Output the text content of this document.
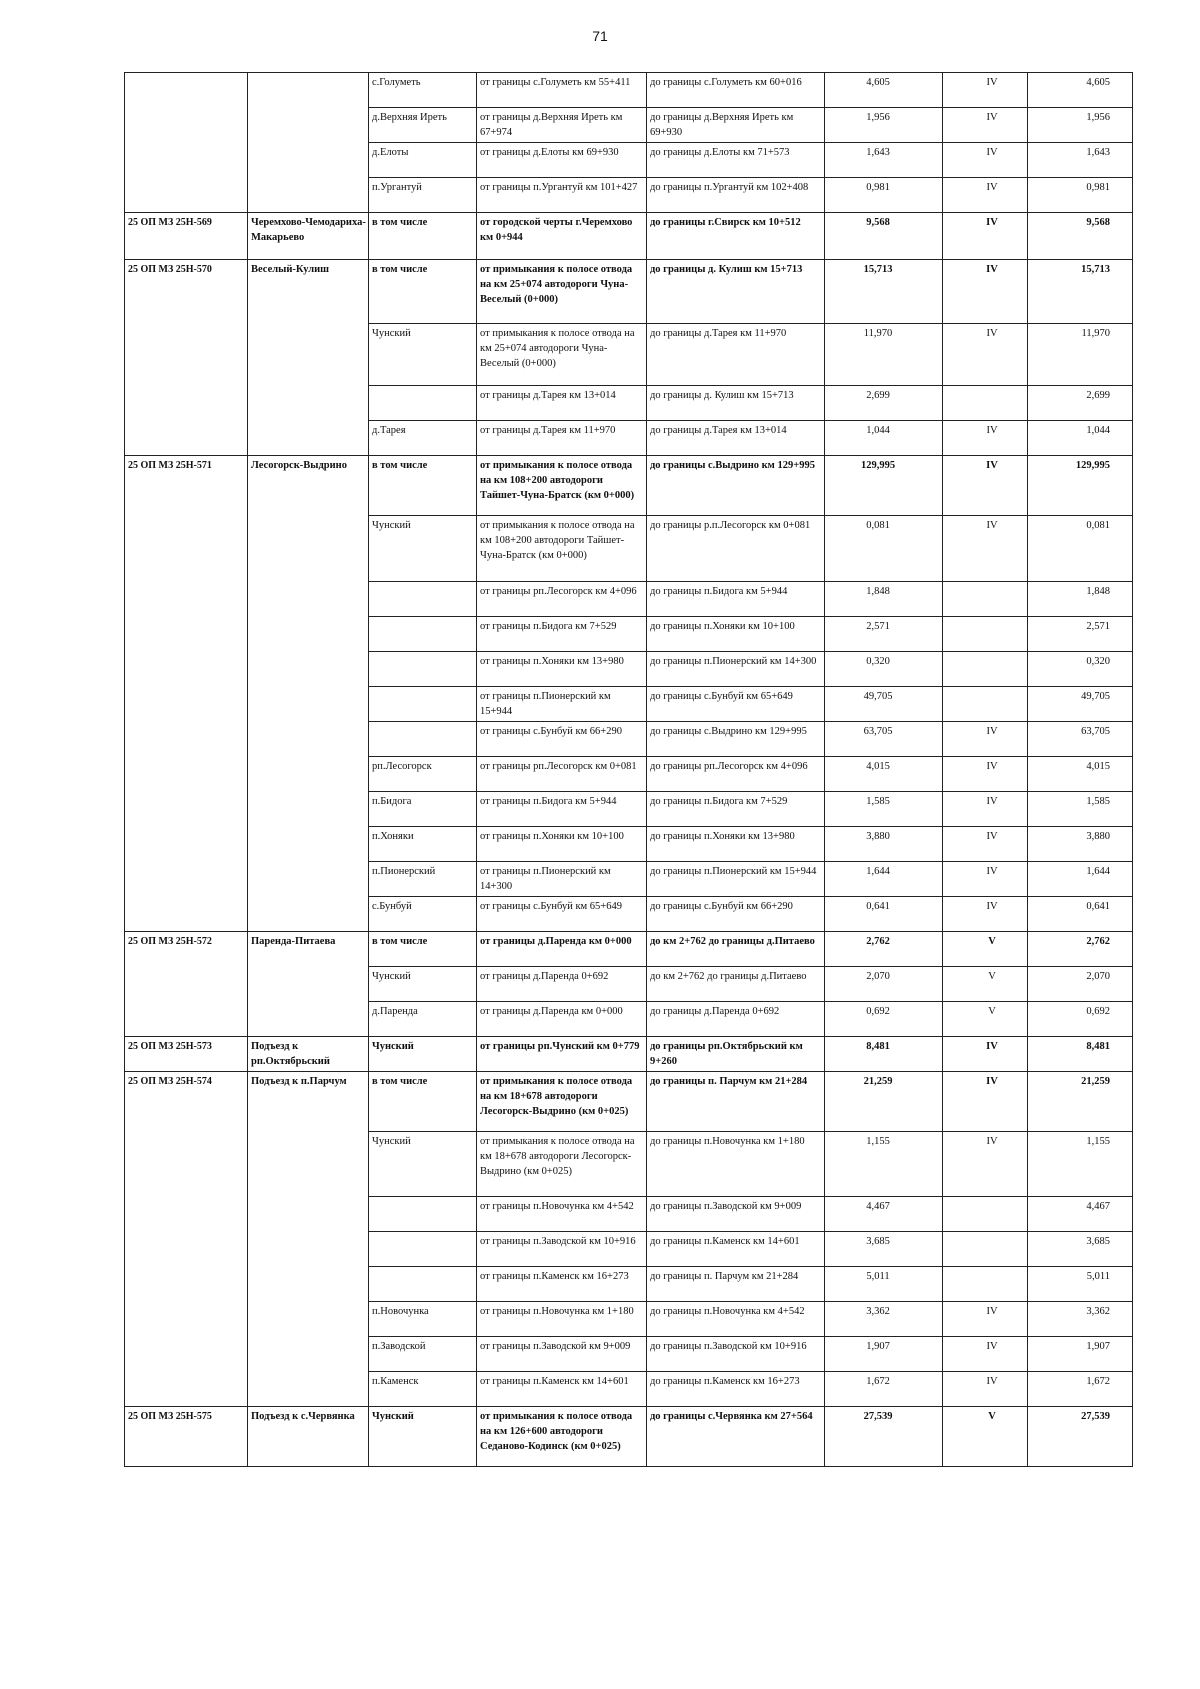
71
		с.Голуметь	от границы с.Голуметь км 55+411	до границы с.Голуметь км 60+016	4,605	IV	4,605
		д.Верхняя Иреть	от границы д.Верхняя Иреть км 67+974	до границы д.Верхняя Иреть км 69+930	1,956	IV	1,956
		д.Елоты	от границы д.Елоты км 69+930	до границы д.Елоты км 71+573	1,643	IV	1,643
		п.Ургантуй	от границы п.Ургантуй км 101+427	до границы п.Ургантуй км 102+408	0,981	IV	0,981
25 ОП МЗ 25Н-569	Черемхово-Чемодариха-Макарьево	в том числе	от городской черты г.Черемхово км 0+944	до границы г.Свирск км 10+512	9,568	IV	9,568
25 ОП МЗ 25Н-570	Веселый-Кулиш	в том числе	от примыкания к полосе отвода на км 25+074 автодороги Чуна-Веселый (0+000)	до границы д. Кулиш км 15+713	15,713	IV	15,713
		Чунский	от примыкания к полосе отвода на км 25+074 автодороги Чуна-Веселый (0+000)	до границы д.Тарея км 11+970	11,970	IV	11,970
			от границы д.Тарея км 13+014	до границы д. Кулиш км 15+713	2,699		2,699
		д.Тарея	от границы д.Тарея км 11+970	до границы д.Тарея км 13+014	1,044	IV	1,044
25 ОП МЗ 25Н-571	Лесогорск-Выдрино	в том числе	от примыкания к полосе отвода на км 108+200 автодороги Тайшет-Чуна-Братск (км 0+000)	до границы с.Выдрино км 129+995	129,995	IV	129,995
		Чунский	от примыкания к полосе отвода на км 108+200 автодороги Тайшет-Чуна-Братск (км 0+000)	до границы р.п.Лесогорск км 0+081	0,081	IV	0,081
			от границы рп.Лесогорск км 4+096	до границы п.Бидога км 5+944	1,848		1,848
			от границы п.Бидога км 7+529	до границы п.Хоняки км 10+100	2,571		2,571
			от границы п.Хоняки км 13+980	до границы п.Пионерский км 14+300	0,320		0,320
			от границы п.Пионерский км 15+944	до границы с.Бунбуй км 65+649	49,705		49,705
			от границы с.Бунбуй км 66+290	до границы с.Выдрино км 129+995	63,705	IV	63,705
		рп.Лесогорск	от границы рп.Лесогорск км 0+081	до границы рп.Лесогорск км 4+096	4,015	IV	4,015
		п.Бидога	от границы п.Бидога км 5+944	до границы п.Бидога км 7+529	1,585	IV	1,585
		п.Хоняки	от границы п.Хоняки км 10+100	до границы п.Хоняки км 13+980	3,880	IV	3,880
		п.Пионерский	от границы п.Пионерский км 14+300	до границы п.Пионерский км 15+944	1,644	IV	1,644
		с.Бунбуй	от границы с.Бунбуй км 65+649	до границы с.Бунбуй км 66+290	0,641	IV	0,641
25 ОП МЗ 25Н-572	Паренда-Питаева	в том числе	от границы д.Паренда км 0+000	до км 2+762 до границы д.Питаево	2,762	V	2,762
		Чунский	от границы д.Паренда 0+692	до км 2+762 до границы д.Питаево	2,070	V	2,070
		д.Паренда	от границы д.Паренда км 0+000	до границы д.Паренда 0+692	0,692	V	0,692
25 ОП МЗ 25Н-573	Подъезд к рп.Октябрьский	Чунский	от границы рп.Чунский км 0+779	до границы рп.Октябрьский км 9+260	8,481	IV	8,481
25 ОП МЗ 25Н-574	Подъезд к п.Парчум	в том числе	от примыкания к полосе отвода на км 18+678 автодороги Лесогорск-Выдрино (км 0+025)	до границы п. Парчум км 21+284	21,259	IV	21,259
		Чунский	от примыкания к полосе отвода на км 18+678 автодороги Лесогорск-Выдрино (км 0+025)	до границы п.Новочунка км 1+180	1,155	IV	1,155
			от границы п.Новочунка км 4+542	до границы п.Заводской км 9+009	4,467		4,467
			от границы п.Заводской км 10+916	до границы п.Каменск км 14+601	3,685		3,685
			от границы п.Каменск км 16+273	до границы п. Парчум км 21+284	5,011		5,011
		п.Новочунка	от границы п.Новочунка км 1+180	до границы п.Новочунка км 4+542	3,362	IV	3,362
		п.Заводской	от границы п.Заводской км 9+009	до границы п.Заводской км 10+916	1,907	IV	1,907
		п.Каменск	от границы п.Каменск км 14+601	до границы п.Каменск км 16+273	1,672	IV	1,672
25 ОП МЗ 25Н-575	Подъезд к с.Червянка	Чунский	от примыкания к полосе отвода на км 126+600 автодороги Седаново-Кодинск (км 0+025)	до границы с.Червянка км 27+564	27,539	V	27,539
